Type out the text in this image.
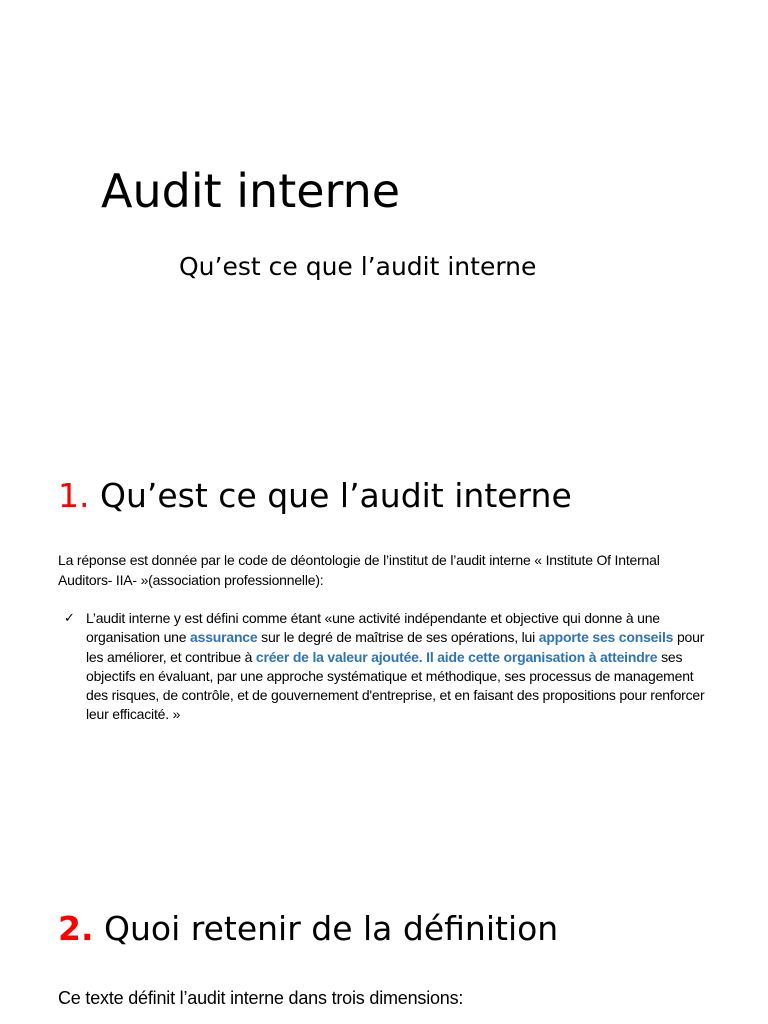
Audit interne
Qu’est ce que l’audit interne
1. Qu’est ce que l’audit interne

La réponse est donnée par le code de déontologie de l’institut de l’audit interne « Institute Of Internal Auditors- IIA- »(association professionnelle):

✓ L’audit interne y est défini comme étant «une activité indépendante et objective qui donne à une organisation une assurance sur le degré de maîtrise de ses opérations, lui apporte ses conseils pour les améliorer, et contribue à créer de la valeur ajoutée. Il aide cette organisation à atteindre ses objectifs en évaluant, par une approche systématique et méthodique, ses processus de management des risques, de contrôle, et de gouvernement d'entreprise, et en faisant des propositions pour renforcer leur efficacité. »

2. Quoi retenir de la définition

Ce texte définit l’audit interne dans trois dimensions:
